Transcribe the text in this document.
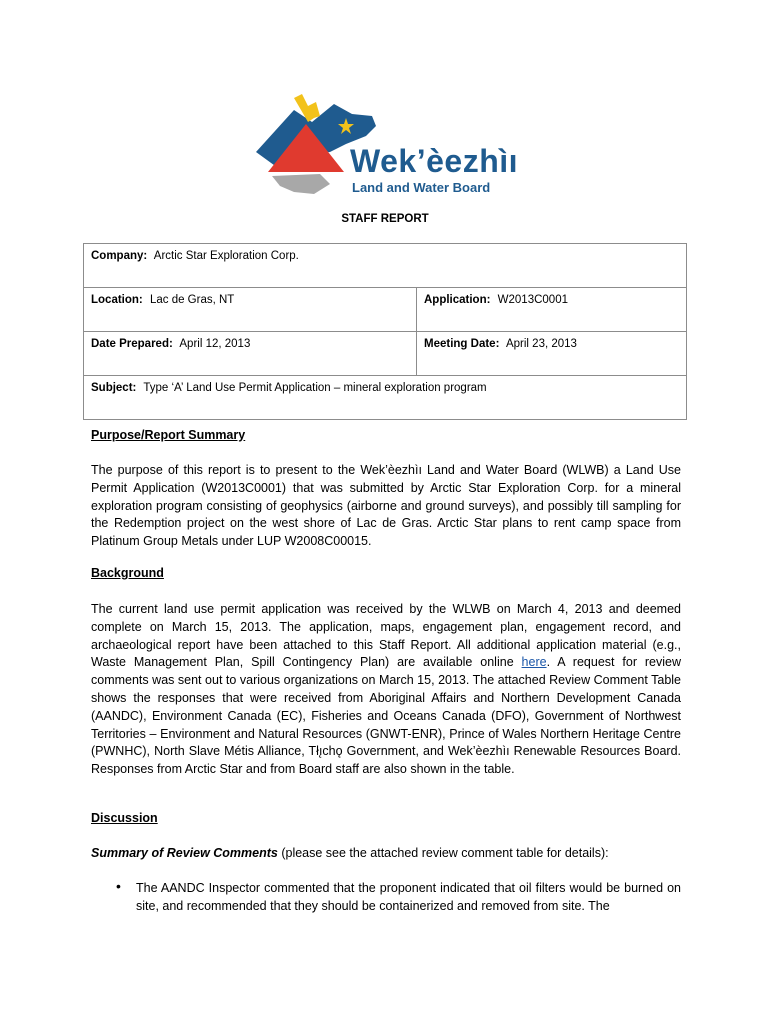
Wek’èezhìı
Land and Water Board
STAFF REPORT
Company: Arctic Star Exploration Corp.	
Location: Lac de Gras, NT	Application: W2013C0001
Date Prepared: April 12, 2013	Meeting Date: April 23, 2013
Subject: Type ‘A’ Land Use Permit Application – mineral exploration program	
Purpose/Report Summary
The purpose of this report is to present to the Wek’èezhìı Land and Water Board (WLWB) a Land Use Permit Application (W2013C0001) that was submitted by Arctic Star Exploration Corp. for a mineral exploration program consisting of geophysics (airborne and ground surveys), and possibly till sampling for the Redemption project on the west shore of Lac de Gras. Arctic Star plans to rent camp space from Platinum Group Metals under LUP W2008C00015.
Background
The current land use permit application was received by the WLWB on March 4, 2013 and deemed complete on March 15, 2013. The application, maps, engagement plan, engagement record, and archaeological report have been attached to this Staff Report. All additional application material (e.g., Waste Management Plan, Spill Contingency Plan) are available online here. A request for review comments was sent out to various organizations on March 15, 2013. The attached Review Comment Table shows the responses that were received from Aboriginal Affairs and Northern Development Canada (AANDC), Environment Canada (EC), Fisheries and Oceans Canada (DFO), Government of Northwest Territories – Environment and Natural Resources (GNWT-ENR), Prince of Wales Northern Heritage Centre (PWNHC), North Slave Métis Alliance, Tłı̨chǫ Government, and Wek’èezhìı Renewable Resources Board. Responses from Arctic Star and from Board staff are also shown in the table.
Discussion
Summary of Review Comments (please see the attached review comment table for details):
• The AANDC Inspector commented that the proponent indicated that oil filters would be burned on site, and recommended that they should be containerized and removed from site. The
